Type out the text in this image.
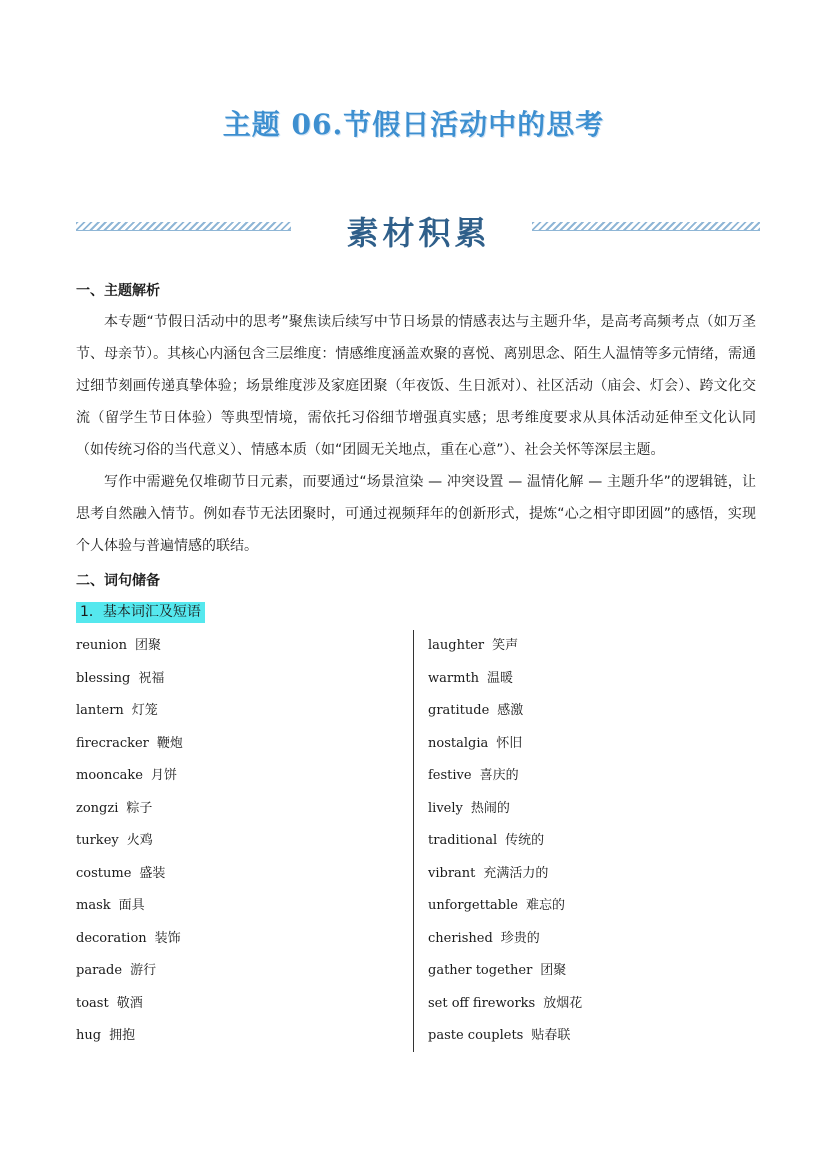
主题 06.节假日活动中的思考
素材积累
一、主题解析
本专题“节假日活动中的思考”聚焦读后续写中节日场景的情感表达与主题升华，是高考高频考点（如万圣节、母亲节）。其核心内涵包含三层维度：情感维度涵盖欢聚的喜悦、离别思念、陌生人温情等多元情绪，需通过细节刻画传递真挚体验；场景维度涉及家庭团聚（年夜饭、生日派对）、社区活动（庙会、灯会）、跨文化交流（留学生节日体验）等典型情境，需依托习俗细节增强真实感；思考维度要求从具体活动延伸至文化认同（如传统习俗的当代意义）、情感本质（如“团圆无关地点，重在心意”）、社会关怀等深层主题。
写作中需避免仅堆砌节日元素，而要通过“场景渲染 — 冲突设置 — 温情化解 — 主题升华”的逻辑链，让思考自然融入情节。例如春节无法团聚时，可通过视频拜年的创新形式，提炼“心之相守即团圆”的感悟，实现个人体验与普遍情感的联结。
二、词句储备
1．基本词汇及短语
reunion 团聚
blessing 祝福
lantern 灯笼
firecracker 鞭炮
mooncake 月饼
zongzi 粽子
turkey 火鸡
costume 盛装
mask 面具
decoration 装饰
parade 游行
toast 敬酒
hug 拥抱
laughter 笑声
warmth 温暖
gratitude 感激
nostalgia 怀旧
festive 喜庆的
lively 热闹的
traditional 传统的
vibrant 充满活力的
unforgettable 难忘的
cherished 珍贵的
gather together 团聚
set off fireworks 放烟花
paste couplets 贴春联
